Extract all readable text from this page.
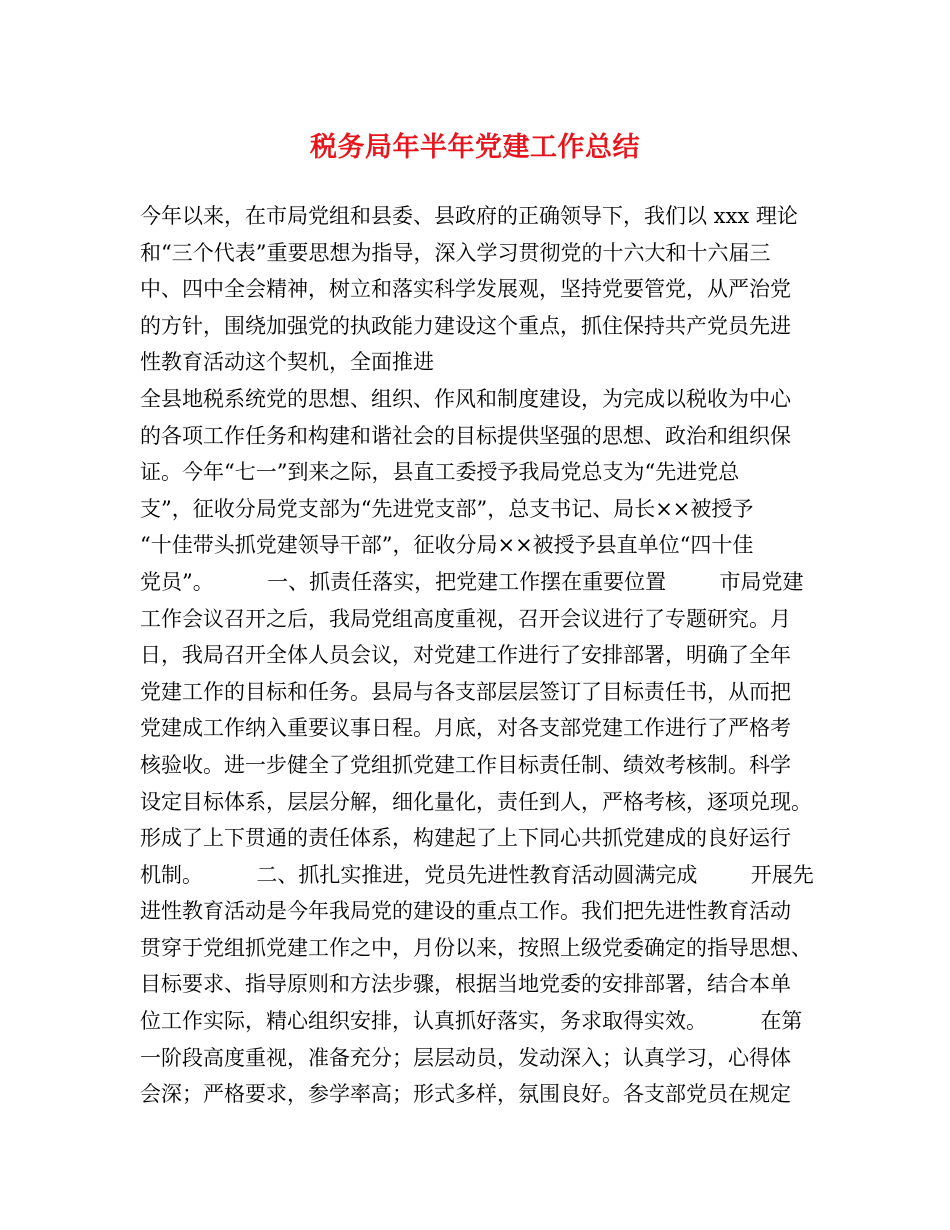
税务局年半年党建工作总结
今年以来，在市局党组和县委、县政府的正确领导下，我们以 xxx 理论
和“三个代表”重要思想为指导，深入学习贯彻党的十六大和十六届三
中、四中全会精神，树立和落实科学发展观，坚持党要管党，从严治党
的方针，围绕加强党的执政能力建设这个重点，抓住保持共产党员先进
性教育活动这个契机，全面推进
全县地税系统党的思想、组织、作风和制度建设，为完成以税收为中心
的各项工作任务和构建和谐社会的目标提供坚强的思想、政治和组织保
证。今年“七一”到来之际，县直工委授予我局党总支为“先进党总
支”，征收分局党支部为“先进党支部”，总支书记、局长××被授予
“十佳带头抓党建领导干部”，征收分局××被授予县直单位“四十佳
党员”。        一、抓责任落实，把党建工作摆在重要位置        市局党建
工作会议召开之后，我局党组高度重视，召开会议进行了专题研究。月
日，我局召开全体人员会议，对党建工作进行了安排部署，明确了全年
党建工作的目标和任务。县局与各支部层层签订了目标责任书，从而把
党建成工作纳入重要议事日程。月底，对各支部党建工作进行了严格考
核验收。进一步健全了党组抓党建工作目标责任制、绩效考核制。科学
设定目标体系，层层分解，细化量化，责任到人，严格考核，逐项兑现。
形成了上下贯通的责任体系，构建起了上下同心共抓党建成的良好运行
机制。        二、抓扎实推进，党员先进性教育活动圆满完成        开展先
进性教育活动是今年我局党的建设的重点工作。我们把先进性教育活动
贯穿于党组抓党建工作之中，月份以来，按照上级党委确定的指导思想、
目标要求、指导原则和方法步骤，根据当地党委的安排部署，结合本单
位工作实际，精心组织安排，认真抓好落实，务求取得实效。        在第
一阶段高度重视，准备充分；层层动员，发动深入；认真学习，心得体
会深；严格要求，参学率高；形式多样，氛围良好。各支部党员在规定
